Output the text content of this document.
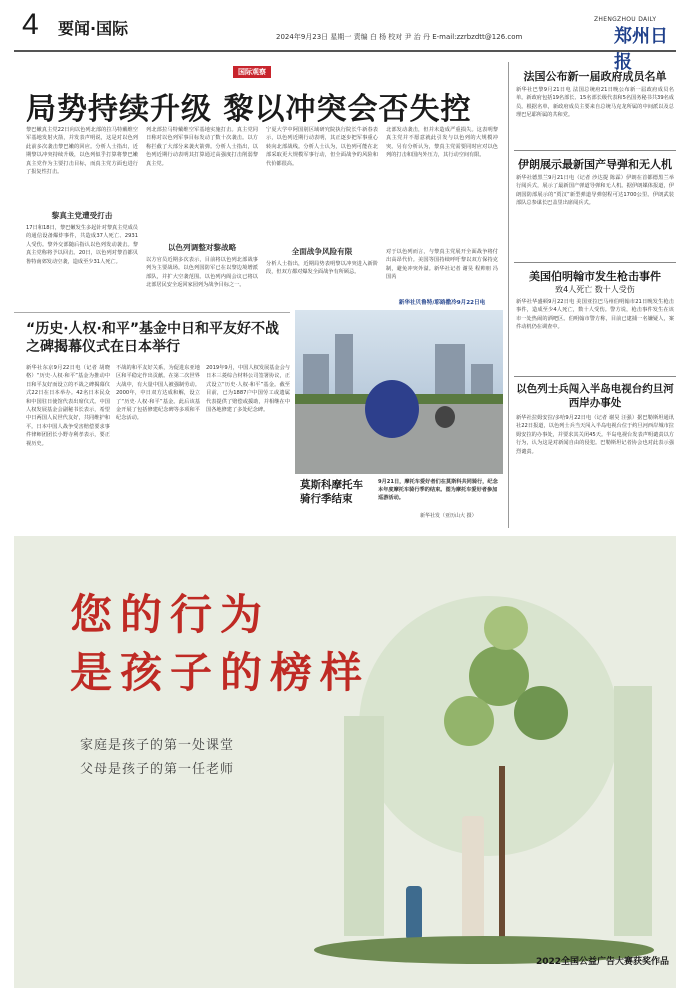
4 要闻·国际	2024年9月23日 星期一 责编 白 杨 校对 尹 治 丹 E-mail:zzrbzdtt@126.com
ZHENGZHOU DAILY
郑州日报
国际观察
局势持续升级 黎以冲突会否失控
黎巴嫩真主党22日向以色列北部的拉马特戴维空军基地发射火箭，并发表声明说，这是对以色列此前多次袭击黎巴嫩的回应。分析人士指出，近期黎以冲突持续升级，以色列似乎打算将黎巴嫩真主党作为主要打击目标，而真主党方面也进行了报复性打击。
黎真主党遭受打击
17日和18日，黎巴嫩发生多起针对黎真主党成员的通信设备爆炸事件，共造成37人死亡、2931人受伤。黎外交部随后指认以色列发动袭击。黎真主党称将予以回击。20日，以色列对黎首都贝鲁特南郊发动空袭，造成至少31人死亡。
列北部拉马特戴维空军基地实施打击。真主党同日称对以色列军事目标发动了数十次袭击。以方称拦截了大部分来袭火箭弹。分析人士指出，以色列近期行动表明其打算通过高强度打击削弱黎真主党。
以色列调整对黎战略
以方官员近期多次表示，目前将以色列北部战事列为主要战场。以色列国防军已在以黎边境增派部队，并扩大空袭范围。以色列内阁会议已将以北部居民安全返回家园列为战争目标之一。
宁夏大学中阿国别区域研究院执行院长牛新春表示，以色列近期行动表明，其正逐步把军事重心转向北部战线。分析人士认为，以色列可能在北部采取更大规模军事行动，但全面战争的风险和代价都很高。
全面战争风险有限
分析人士指出，近期局势表明黎以冲突进入新阶段，但双方都对爆发全面战争有所顾忌。
北部发动袭击，但并未造成严重损失。这表明黎真主党并不愿意就此引发与以色列的大规模冲突。另有分析认为，黎真主党需要同时应对以色列的打击和国内外压力，其行动空间有限。
对于以色列而言，与黎真主党展开全面战争将付出高昂代价。美国等国持续呼吁黎以双方保持克制，避免冲突外溢。新华社记者 谢昊 程帅朋 冯国芮
新华社贝鲁特/耶路撒冷9月22日电
“历史·人权·和平”基金中日和平友好不战之碑揭幕仪式在日本举行
新华社东京9月22日电（记者 胡晓格）“历史·人权·和平”基金为推动中日和平友好而设立的不战之碑揭幕仪式22日在日本举办。42名日本民众和中国驻日使馆代表出席仪式。中国人权发展基金会副秘书长表示，希望中日两国人民世代友好，共同维护和平。日本中国人战争受害赔偿要求事件律师团团长小野寺利孝表示，要正视历史。
不战的和平友好关系，为促进东亚地区和平稳定作出贡献。在第二次世界大战中，有大量中国人被强制劳动。2000年，中日双方达成和解，设立了“历史·人权·和平”基金。此后该基金开展了包括修建纪念碑等多项和平纪念活动。
2019年9月，中国人权发展基金会与日本三菱综合材料公司签署协议，正式设立“历史·人权·和平”基金。截至目前，已为1887户中国劳工或遗属代表提供了赔偿或援助，并相继在中国各地修建了多处纪念碑。
莫斯科摩托车骑行季结束
9月21日，摩托车爱好者们在莫斯科共同骑行，纪念本年度摩托车骑行季的结束。图为摩托车爱好者参加巡游活动。
新华社发（亚历山大 摄）
法国公布新一届政府成员名单
新华社巴黎9月21日电 法国总统府21日晚公布新一届政府成员名单。新政府包括19名部长、15名部长级代表和5名国务秘书共39名成员。根据名单，新政府成员主要来自总统马克龙所属的中间派以及总理巴尼耶所属的共和党。
伊朗展示最新国产导弹和无人机
新华社德黑兰9月21日电（记者 沙达提 陈霖）伊朗在首都德黑兰举行阅兵式，展示了最新国产弹道导弹和无人机。据伊朗媒体报道，伊朗国防部展示的“贾汉”新型弹道导弹射程可达1700公里。伊朗武装部队总参谋长巴盖里出席阅兵式。
美国伯明翰市发生枪击事件
致4人死亡 数十人受伤
新华社华盛顿9月22日电 美国亚拉巴马州伯明翰市21日晚发生枪击事件，造成至少4人死亡，数十人受伤。警方说，枪击事件发生在该市一处热闹的酒吧区。伯明翰市警方称，目前已逮捕一名嫌疑人，案件动机仍在调查中。
以色列士兵闯入半岛电视台约旦河西岸办事处
新华社拉姆安拉/多哈9月22日电（记者 谢昊 汪强）据巴勒斯坦通讯社22日报道，以色列士兵当天闯入半岛电视台位于约旦河西岸城市拉姆安拉的办事处，并要求其关闭45天。半岛电视台发表声明谴责以方行为，认为这是对新闻自由的侵犯。巴勒斯坦记者协会也对此表示强烈谴责。
您的行为
是孩子的榜样
家庭是孩子的第一处课堂
父母是孩子的第一任老师
2022全国公益广告大赛获奖作品
